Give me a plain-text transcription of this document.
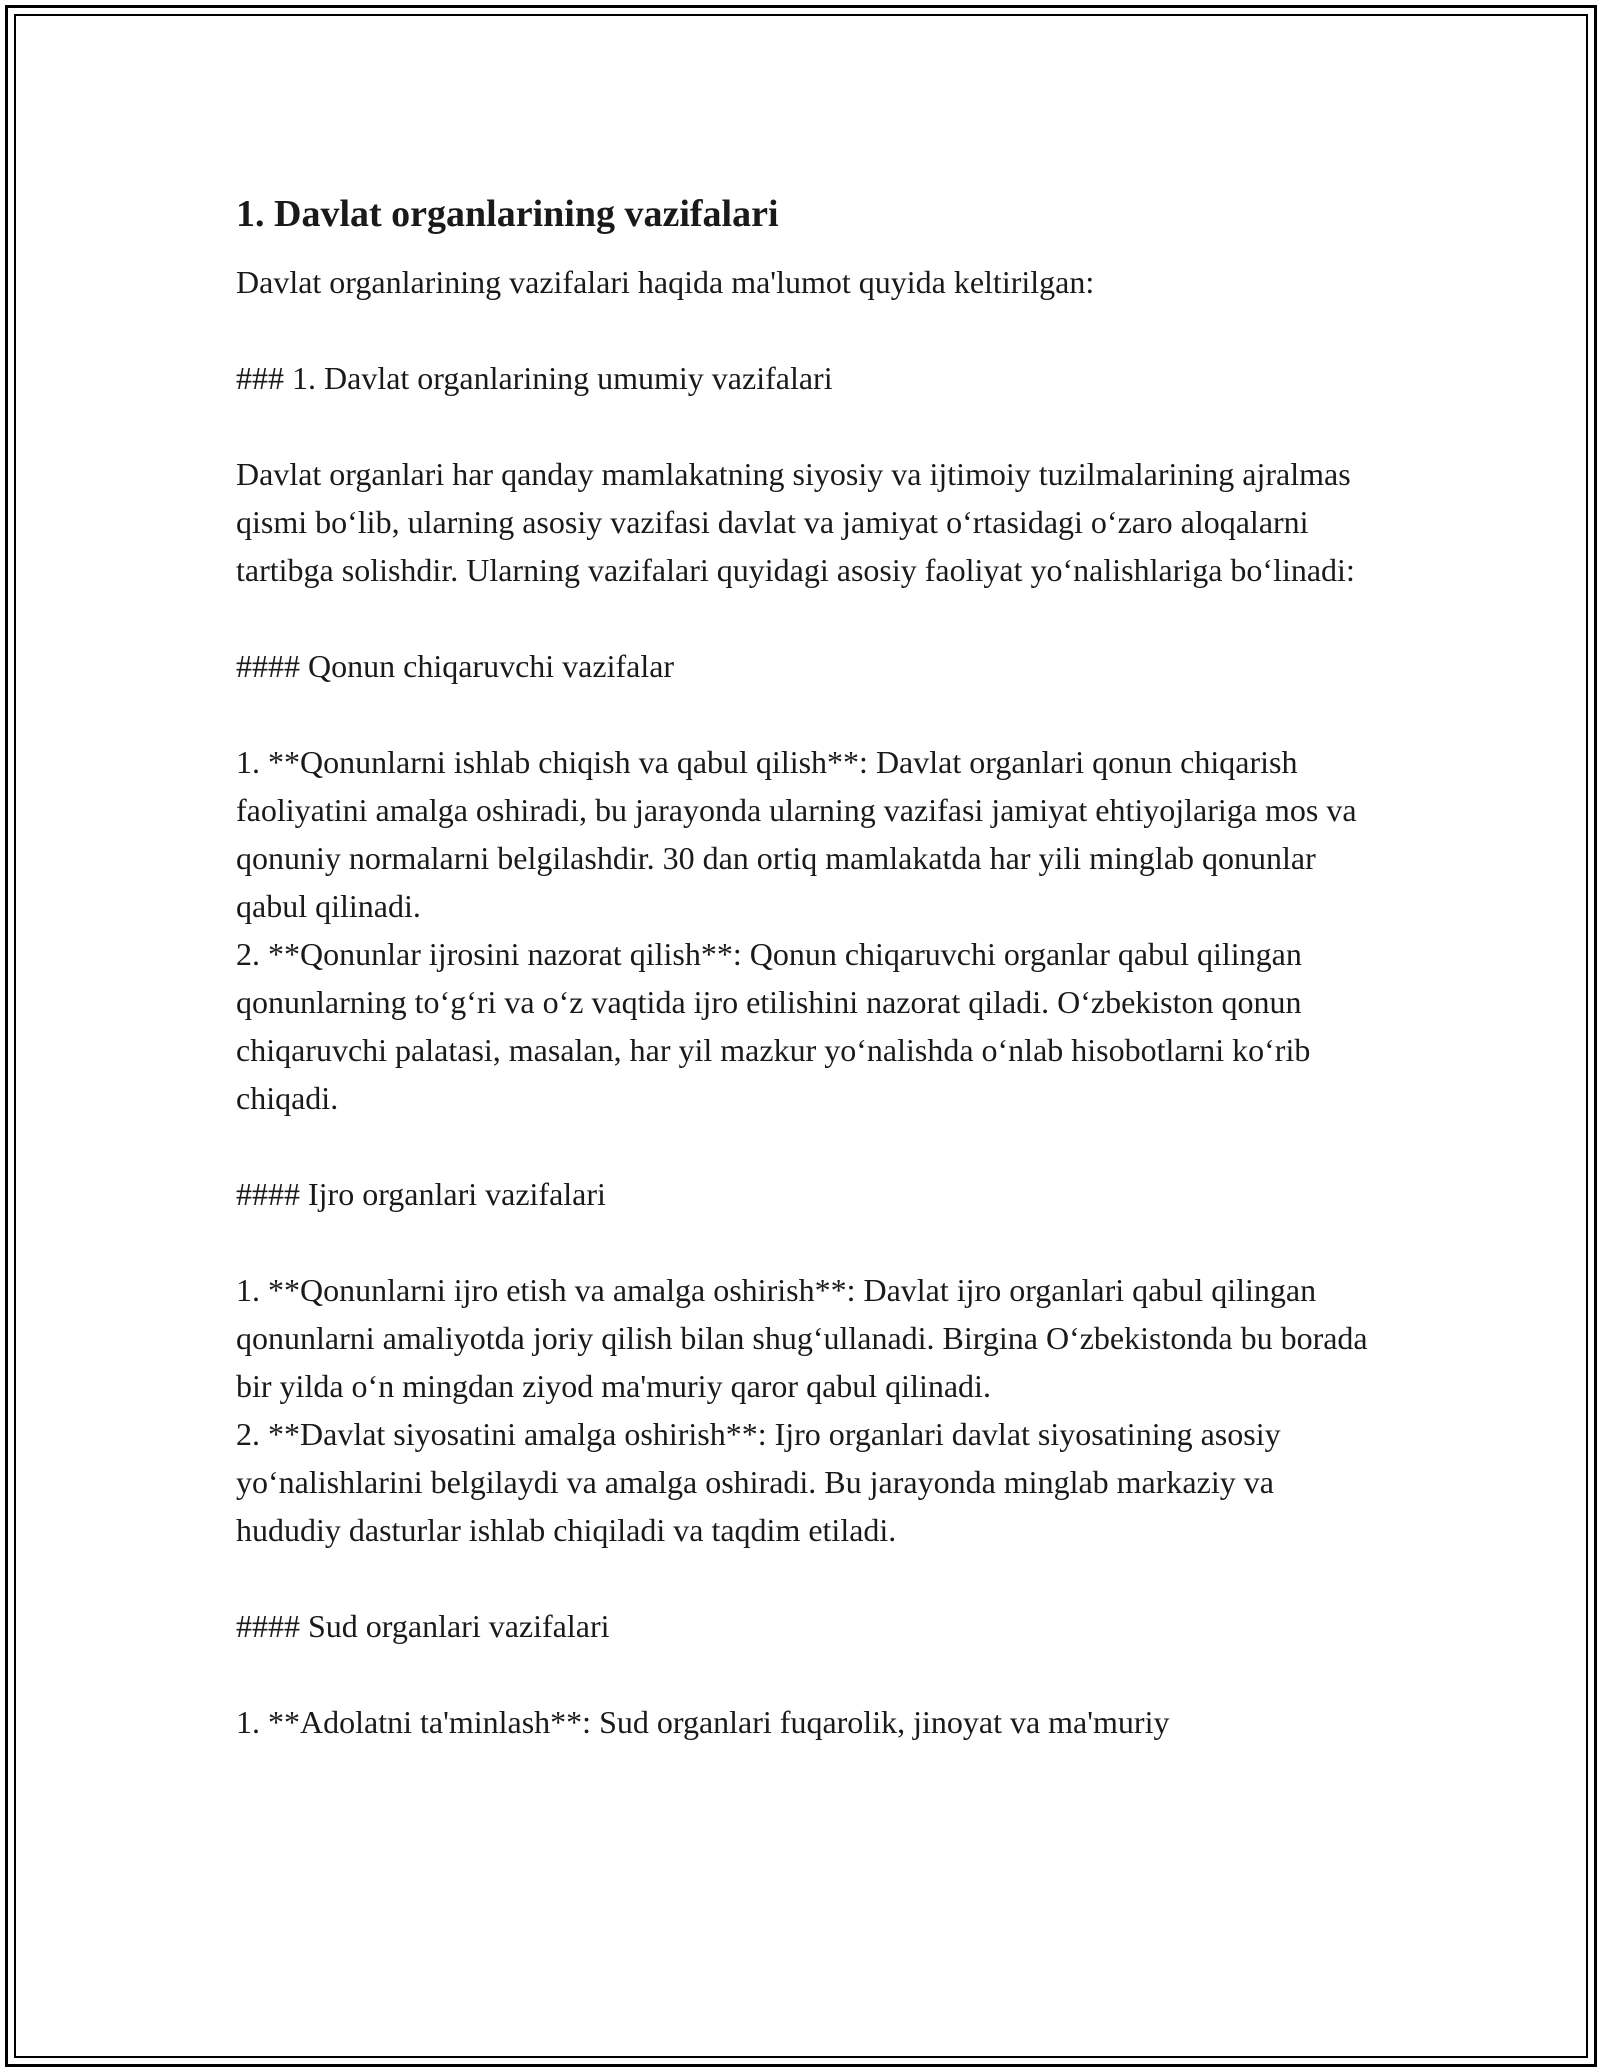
1. Davlat organlarining vazifalari
Davlat organlarining vazifalari haqida ma'lumot quyida keltirilgan:
### 1. Davlat organlarining umumiy vazifalari
Davlat organlari har qanday mamlakatning siyosiy va ijtimoiy tuzilmalarining ajralmas qismi bo‘lib, ularning asosiy vazifasi davlat va jamiyat o‘rtasidagi o‘zaro aloqalarni tartibga solishdir. Ularning vazifalari quyidagi asosiy faoliyat yo‘nalishlariga bo‘linadi:
#### Qonun chiqaruvchi vazifalar
1. **Qonunlarni ishlab chiqish va qabul qilish**: Davlat organlari qonun chiqarish faoliyatini amalga oshiradi, bu jarayonda ularning vazifasi jamiyat ehtiyojlariga mos va qonuniy normalarni belgilashdir. 30 dan ortiq mamlakatda har yili minglab qonunlar qabul qilinadi.
2. **Qonunlar ijrosini nazorat qilish**: Qonun chiqaruvchi organlar qabul qilingan qonunlarning to‘g‘ri va o‘z vaqtida ijro etilishini nazorat qiladi. O‘zbekiston qonun chiqaruvchi palatasi, masalan, har yil mazkur yo‘nalishda o‘nlab hisobotlarni ko‘rib chiqadi.
#### Ijro organlari vazifalari
1. **Qonunlarni ijro etish va amalga oshirish**: Davlat ijro organlari qabul qilingan qonunlarni amaliyotda joriy qilish bilan shug‘ullanadi. Birgina O‘zbekistonda bu borada bir yilda o‘n mingdan ziyod ma'muriy qaror qabul qilinadi.
2. **Davlat siyosatini amalga oshirish**: Ijro organlari davlat siyosatining asosiy yo‘nalishlarini belgilaydi va amalga oshiradi. Bu jarayonda minglab markaziy va hududiy dasturlar ishlab chiqiladi va taqdim etiladi.
#### Sud organlari vazifalari
1. **Adolatni ta'minlash**: Sud organlari fuqarolik, jinoyat va ma'muriy
